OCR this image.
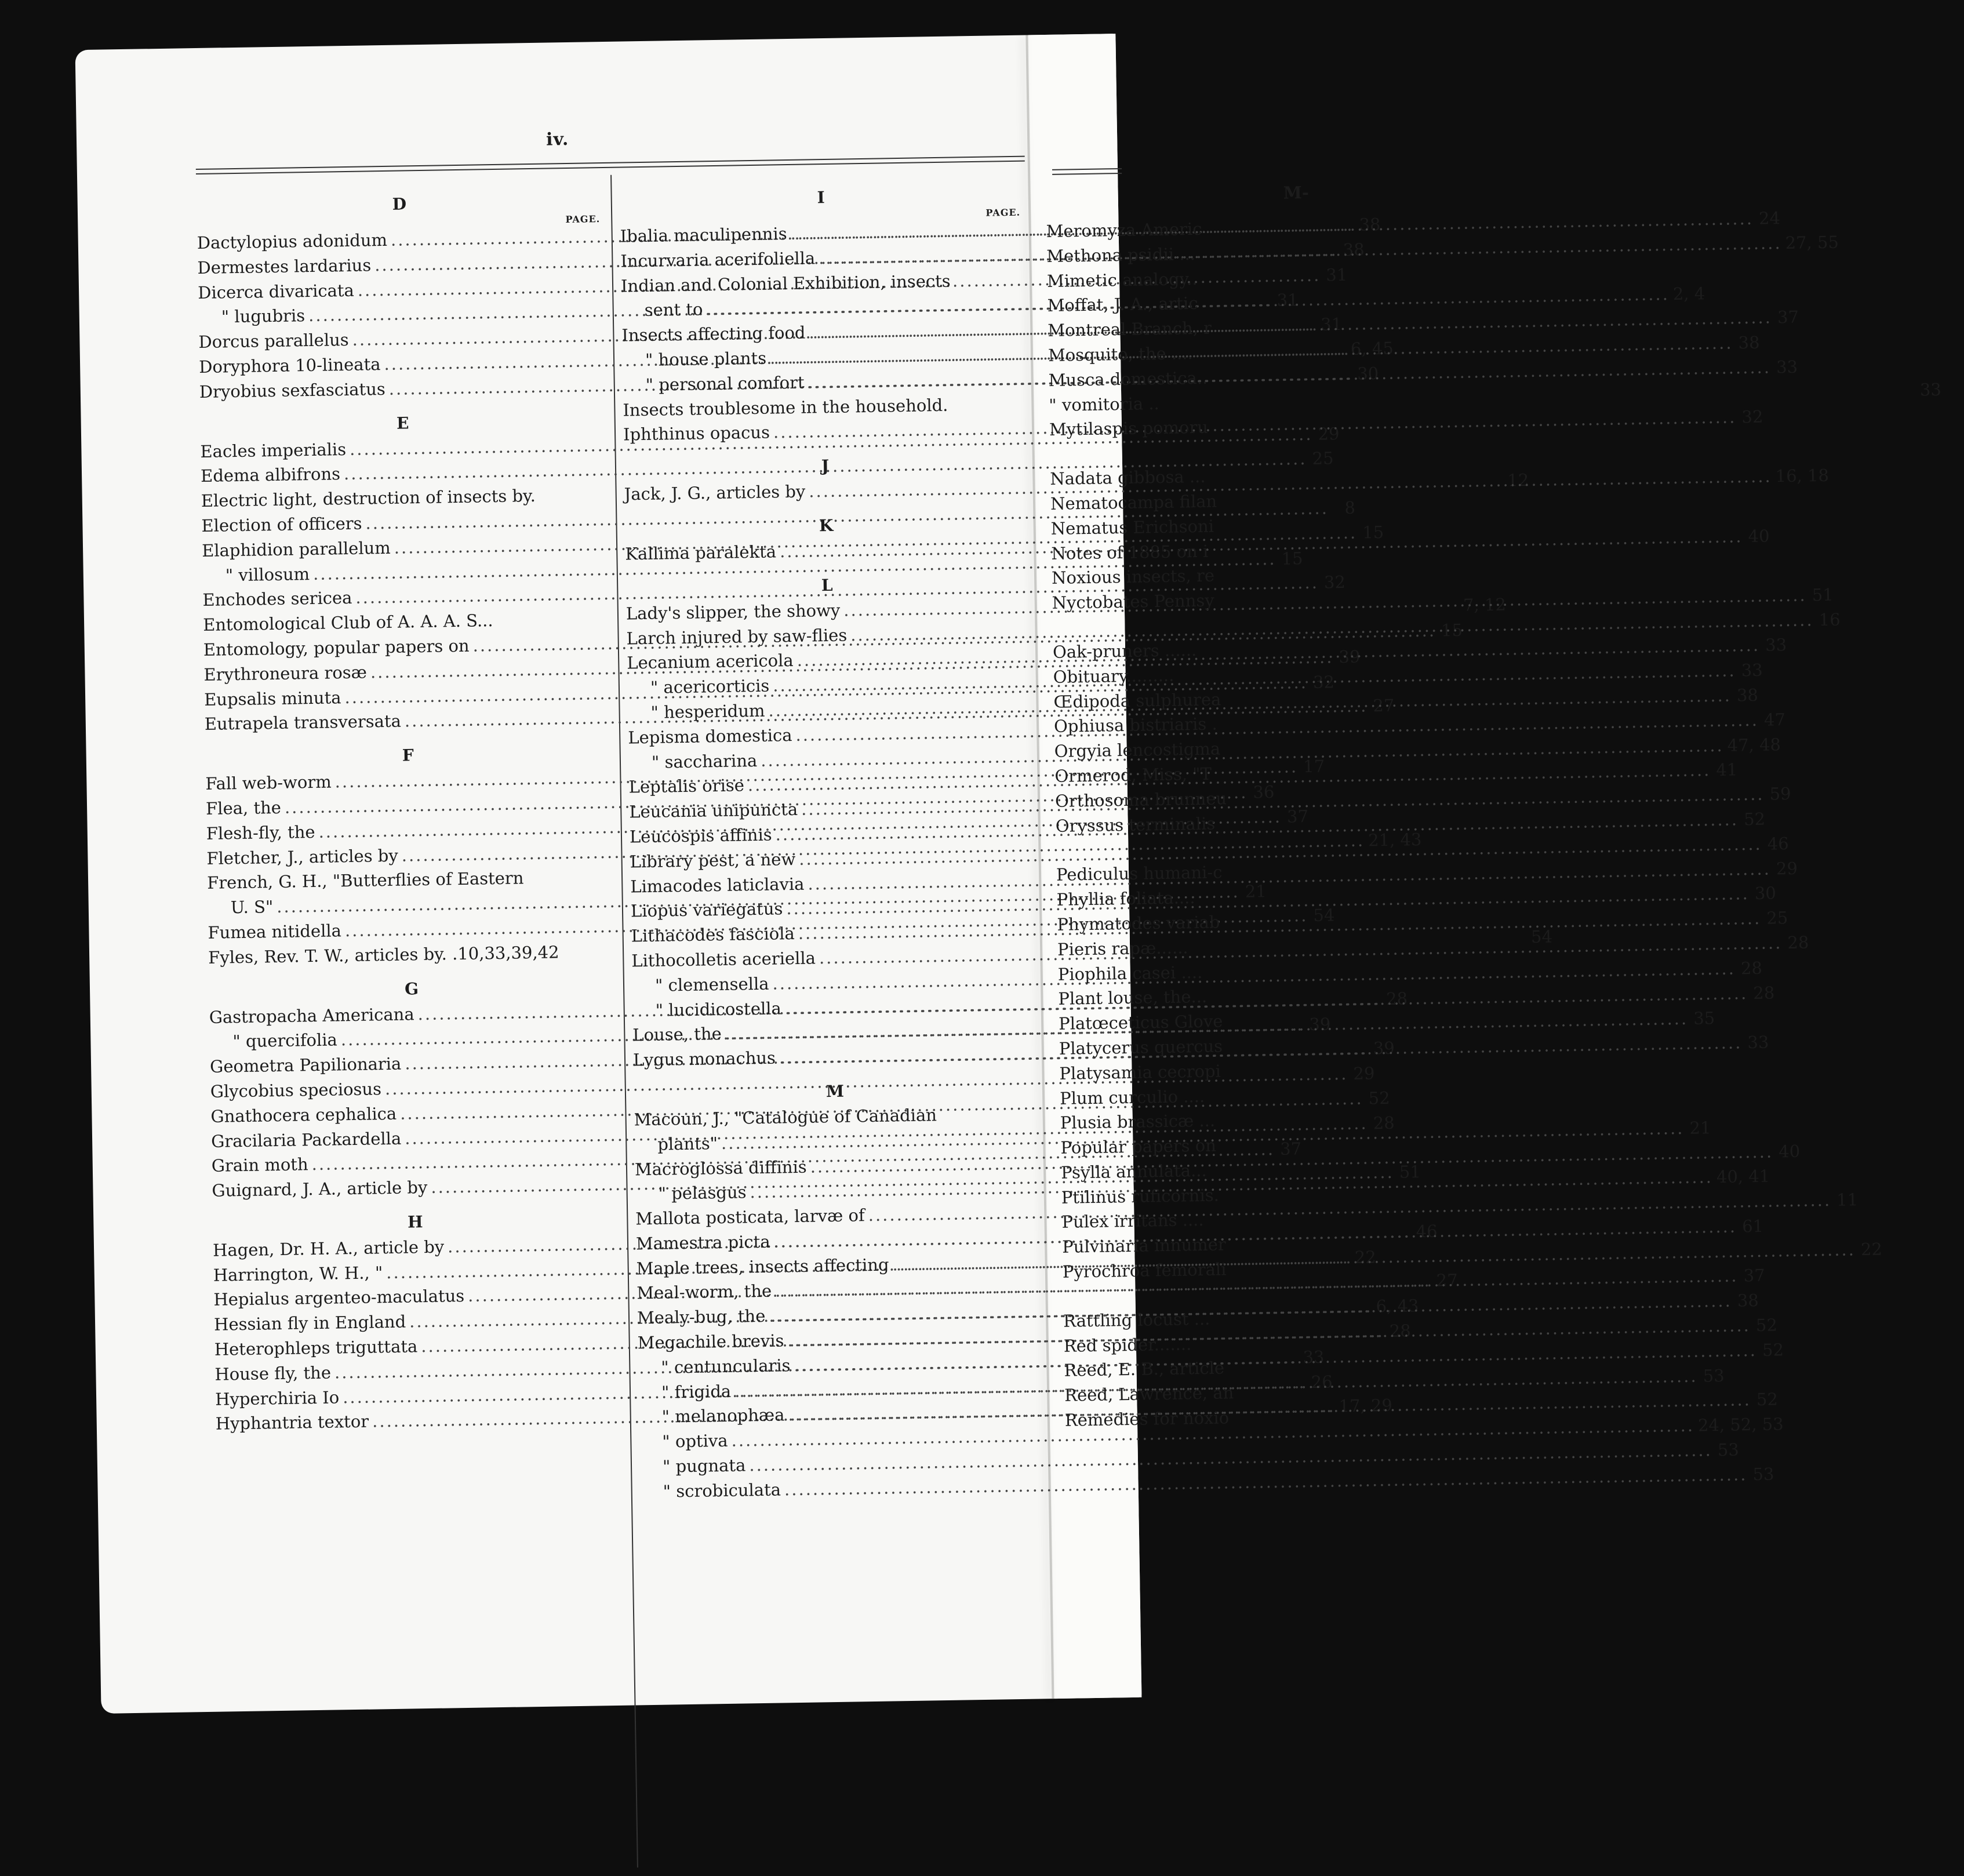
iv.
D
PAGE.
Dactylopius adonidum
.....
38
Dermestes lardarius
.....
38
Dicerca divaricata
.....
31
" lugubris
.....
31
Dorcus parallelus
.....
31
Doryphora 10-lineata
.....
6, 45
Dryobius sexfasciatus
.....
30
E
Eacles imperialis
.....
29
Edema albifrons
.....
25
Electric light, destruction of insects by.
12
Election of officers
.....
8
Elaphidion parallelum
.....
15
" villosum
.....
15
Enchodes sericea
.....
32
Entomological Club of A. A. A. S...
7, 12
Entomology, popular papers on
.....
15
Erythroneura rosæ
.....
39
Eupsalis minuta
.....
32
Eutrapela transversata
.....
27
F
Fall web-worm
.....
17
Flea, the
.....
36
Flesh-fly, the
.....
37
Fletcher, J., articles by
.....
21, 43
French, G. H., "Butterflies of Eastern
U. S"
.....
21
Fumea nitidella
.....
54
Fyles, Rev. T. W., articles by. .10,33,39,42
54
G
Gastropacha Americana
.....
28
" quercifolia
.....
39
Geometra Papilionaria
.....
39
Glycobius speciosus
.....
29
Gnathocera cephalica
.....
52
Gracilaria Packardella
.....
28
Grain moth
.....
37
Guignard, J. A., article by
.....
51
H
Hagen, Dr. H. A., article by
.....
46
Harrington, W. H., "
.....
22
Hepialus argenteo-maculatus
.....
27
Hessian fly in England
.....
6, 43
Heterophleps triguttata
.....
28
House fly, the
.....
33
Hyperchiria Io
.....
26
Hyphantria textor
.....
17, 29
I
PAGE.
Ibalia maculipennis
.....
24
Incurvaria acerifoliella
.....
27, 55
Indian and Colonial Exhibition, insects
sent to
.....
2, 4
Insects affecting food
.....
37
" house plants
.....
38
" personal comfort
.....
33
Insects troublesome in the household.
33
Iphthinus opacus
.....
32
J
Jack, J. G., articles by
.....
16, 18
K
Kallima paralekta
.....
40
L
Lady's slipper, the showy
.....
51
Larch injured by saw-flies
.....
16
Lecanium acericola
.....
33
" acericorticis
.....
33
" hesperidum
.....
38
Lepisma domestica
.....
47
" saccharina
.....
47, 48
Leptalis orise
.....
41
Leucania unipuncta
.....
59
Leucospis affinis
.....
52
Library pest, a new
.....
46
Limacodes laticlavia
.....
29
Liopus variegatus
.....
30
Lithacodes fasciola
.....
25
Lithocolletis aceriella
.....
28
" clemensella
.....
28
" lucidicostella
.....
28
Louse, the
.....
35
Lygus monachus
.....
33
M
Macoun, J., "Catalogue of Canadian
plants"
.....
21
Macroglossa diffinis
.....
40
" pelasgus
.....
40, 41
Mallota posticata, larvæ of
.....
11
Mamestra picta
.....
61
Maple trees, insects affecting
.....
22
Meal-worm, the
.....
37
Mealy-bug, the
.....
38
Megachile brevis
.....
52
" centuncularis
.....
52
" frigida
.....
53
" melanophæa
.....
52
" optiva
.....
24, 52, 53
" pugnata
.....
53
" scrobiculata
.....
53
M-
Meromyza Americ
Methona psidii ...
Mimetic analogy..
Moffat, J. A., artic
Montreal Branch, r
Mosquito, the ....
Musca domestica..
" vomitoria ..
Mytilaspis pomoru
Nadata gibbosa ...
Nematocampa filan
Nematus Erichsoni
Notes of 1885 on i
Noxious insects, re
Nyctobates Pennsy
Oak-pruners ......
Obituary.........
Œdipoda sulphurea
Ophiusa bistriaris .
Orgyia lencostigma
Ormerod, Miss, "T
Orthosoma brunneu
Oryssus terminalis
Pediculus humani-c
Phyllia foliata....
Phymatodes variab
Pieris rapæ......
Piophila casei ....
Plant louse, the...
Platœceticus Glove
Platycerus quercus
Platysamia cecropi
Plum curculio ....
Plusia brassicæ ...
Popular papers on
Psylla annulata...
Ptilinus ruficornis.
Pulex irritans ....
Pulvinaria innumer
Pyrochroa femorali
Rattling locust ...
Red spider.......
Reed, E. B., article
Reed, Lawrence, an
Remedies for noxio
